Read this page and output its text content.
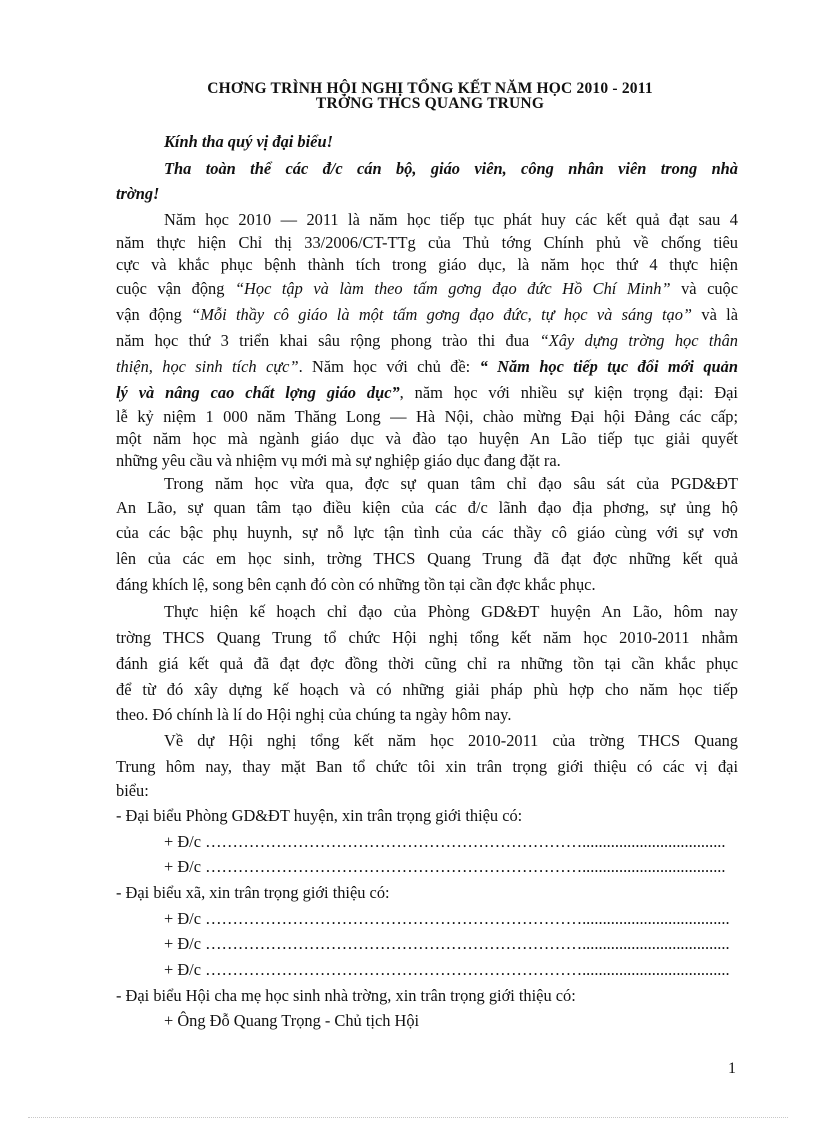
CHƠNG TRÌNH HỘI NGHỊ TỔNG KẾT NĂM HỌC 2010 - 2011
TRỜNG THCS QUANG TRUNG
Kính tha quý vị đại biểu!
Tha toàn thể các đ/c cán bộ, giáo viên, công nhân viên trong nhà
trờng!
Năm học 2010 — 2011 là năm học tiếp tục phát huy các kết quả đạt sau 4
năm thực hiện Chỉ thị 33/2006/CT-TTg của Thủ tớng Chính phủ về chống tiêu
cực và khắc phục bệnh thành tích trong giáo dục, là năm học thứ 4 thực hiện
cuộc vận động “Học tập và làm theo tấm gơng đạo đức Hồ Chí Minh” và cuộc
vận động “Mỗi thầy cô giáo là một tấm gơng đạo đức, tự học và sáng tạo” và là
năm học thứ 3 triển khai sâu rộng phong trào thi đua “Xây dựng trờng học thân
thiện, học sinh tích cực”. Năm học với chủ đề: “ Năm học tiếp tục đổi mới quản
lý và nâng cao chất lợng giáo dục”, năm học với nhiều sự kiện trọng đại: Đại
lễ kỷ niệm 1 000 năm Thăng Long — Hà Nội, chào mừng Đại hội Đảng các cấp;
một năm học mà ngành giáo dục và đào tạo huyện An Lão tiếp tục giải quyết
những yêu cầu và nhiệm vụ mới mà sự nghiệp giáo dục đang đặt ra.
Trong năm học vừa qua, đợc sự quan tâm chỉ đạo sâu sát của PGD&ĐT
An Lão, sự quan tâm tạo điều kiện của các đ/c lãnh đạo địa phơng, sự ủng hộ
của các bậc phụ huynh, sự nỗ lực tận tình của các thầy cô giáo cùng với sự vơn
lên của các em học sinh, trờng THCS Quang Trung đã đạt đợc những kết quả
đáng khích lệ, song bên cạnh đó còn có những tồn tại cần đợc khắc phục.
Thực hiện kế hoạch chỉ đạo của Phòng GD&ĐT huyện An Lão, hôm nay
trờng THCS Quang Trung tổ chức Hội nghị tổng kết năm học 2010-2011 nhằm
đánh giá kết quả đã đạt đợc đồng thời cũng chỉ ra những tồn tại cần khắc phục
để từ đó xây dựng kế hoạch và có những giải pháp phù hợp cho năm học tiếp
theo. Đó chính là lí do Hội nghị của chúng ta ngày hôm nay.
Về dự Hội nghị tổng kết năm học 2010-2011 của trờng THCS Quang
Trung hôm nay, thay mặt Ban tổ chức tôi xin trân trọng giới thiệu có các vị đại
biểu:
- Đại biểu Phòng GD&ĐT huyện, xin trân trọng giới thiệu có:
+ Đ/c ……………………………………………………………...................................
+ Đ/c ……………………………………………………………...................................
- Đại biểu xã, xin trân trọng giới thiệu có:
+ Đ/c ……………………………………………………………....................................
+ Đ/c ……………………………………………………………....................................
+ Đ/c ……………………………………………………………....................................
- Đại biểu Hội cha mẹ học sinh nhà trờng, xin trân trọng giới thiệu có:
+ Ông Đỗ Quang Trọng - Chủ tịch Hội
1
